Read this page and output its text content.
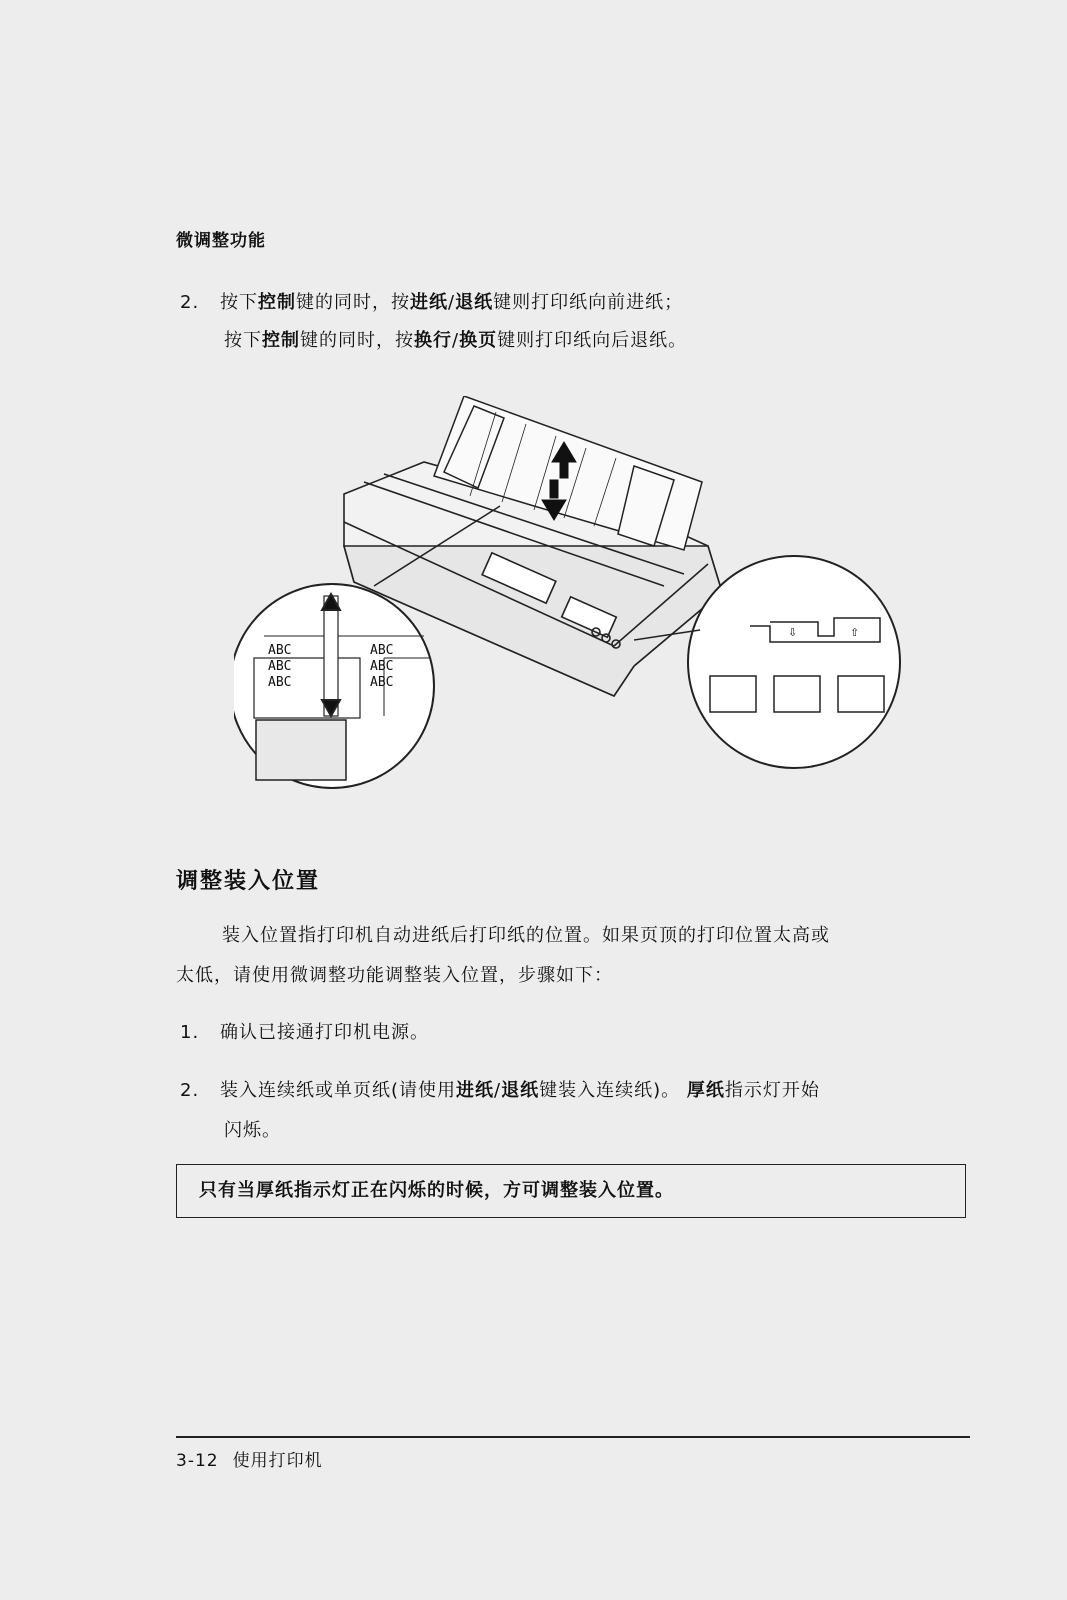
微调整功能
2. 按下控制键的同时，按进纸/退纸键则打印纸向前进纸；
按下控制键的同时，按换行/换页键则打印纸向后退纸。
ABC
ABC
ABC
ABC
ABC
ABC
⇩	⇧
调整装入位置
装入位置指打印机自动进纸后打印纸的位置。如果页顶的打印位置太高或
太低，请使用微调整功能调整装入位置，步骤如下：
1. 确认已接通打印机电源。
2. 装入连续纸或单页纸(请使用进纸/退纸键装入连续纸)。 厚纸指示灯开始
闪烁。
只有当厚纸指示灯正在闪烁的时候，方可调整装入位置。
3-12 使用打印机
